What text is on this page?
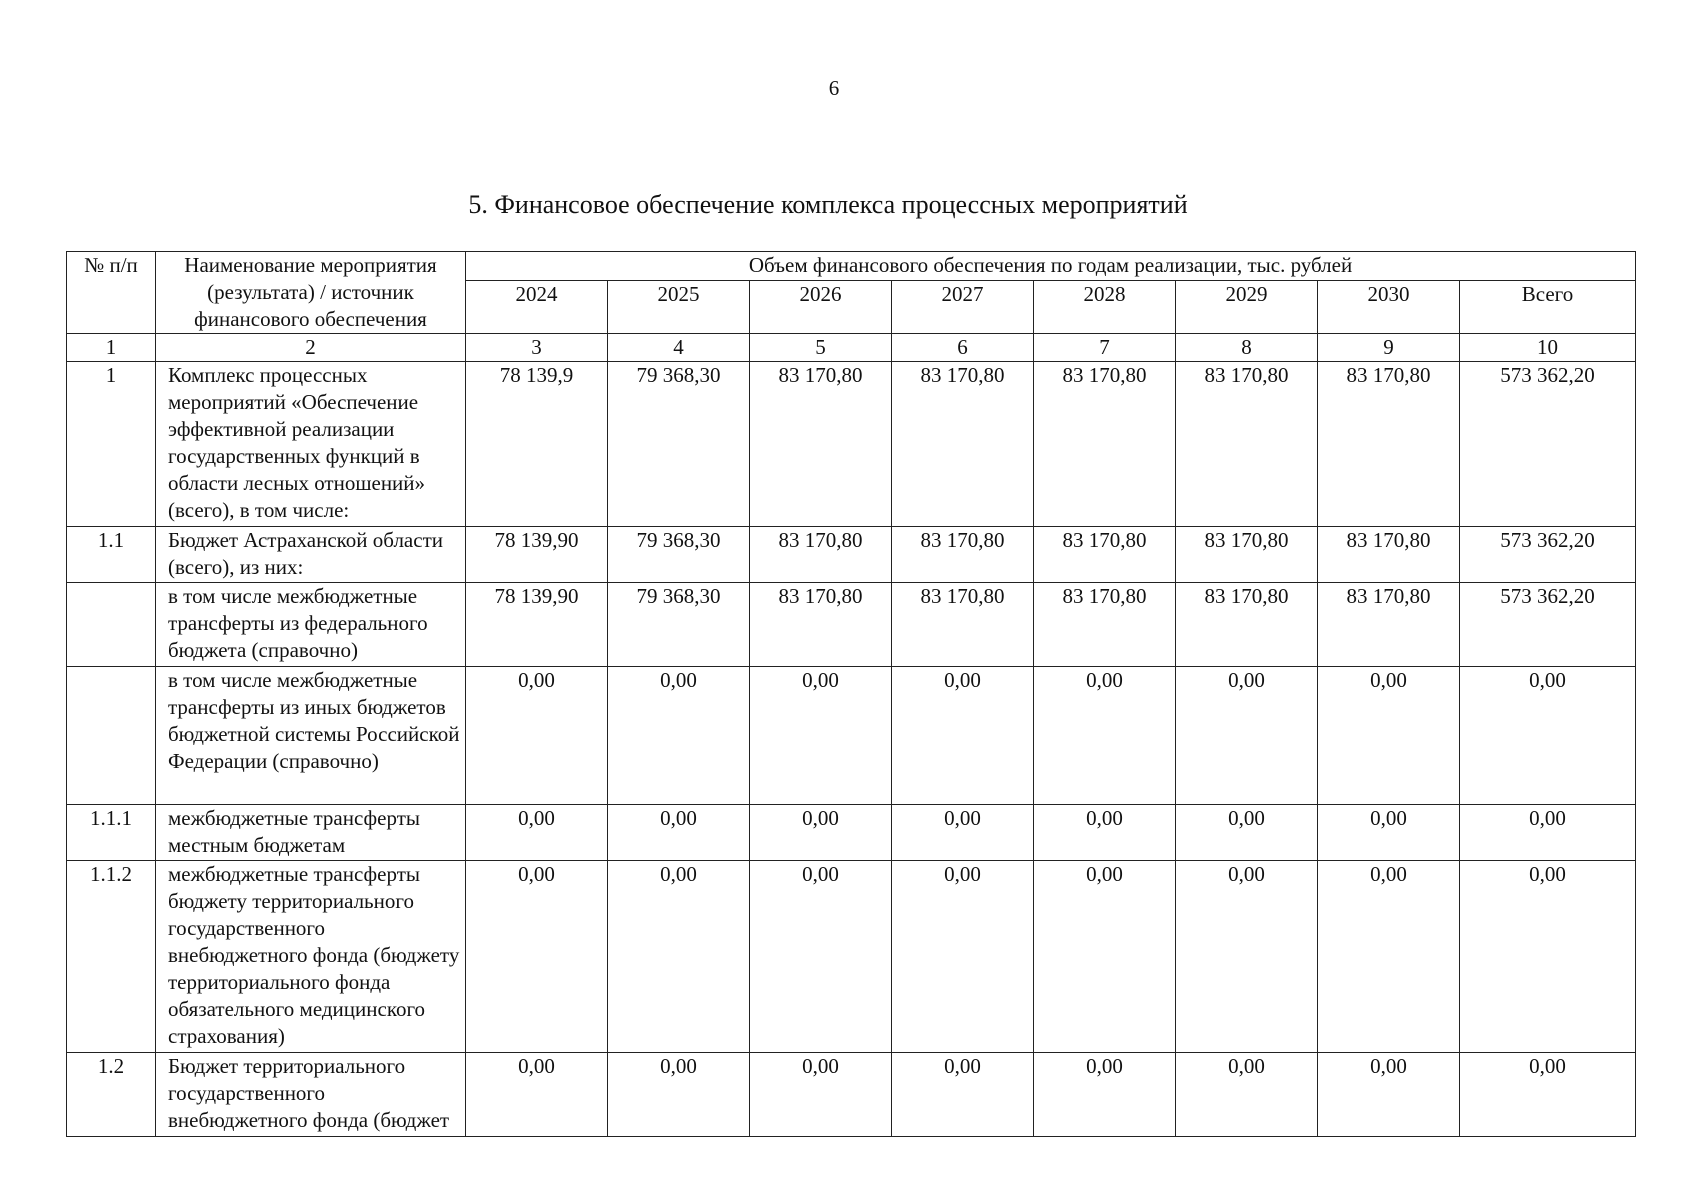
6
5. Финансовое обеспечение комплекса процессных мероприятий
№ п/п	Наименование мероприятия (результата) / источник финансового обеспечения	Объем финансового обеспечения по годам реализации, тыс. рублей							
		2024	2025	2026	2027	2028	2029	2030	Всего
1	2	3	4	5	6	7	8	9	10
1	Комплекс процессных мероприятий «Обеспечение эффективной реализации государственных функций в области лесных отношений» (всего), в том числе:	78 139,9	79 368,30	83 170,80	83 170,80	83 170,80	83 170,80	83 170,80	573 362,20
1.1	Бюджет Астраханской области (всего), из них:	78 139,90	79 368,30	83 170,80	83 170,80	83 170,80	83 170,80	83 170,80	573 362,20
	в том числе межбюджетные трансферты из федерального бюджета (справочно)	78 139,90	79 368,30	83 170,80	83 170,80	83 170,80	83 170,80	83 170,80	573 362,20
	в том числе межбюджетные трансферты из иных бюджетов бюджетной системы Российской Федерации (справочно)	0,00	0,00	0,00	0,00	0,00	0,00	0,00	0,00
1.1.1	межбюджетные трансферты местным бюджетам	0,00	0,00	0,00	0,00	0,00	0,00	0,00	0,00
1.1.2	межбюджетные трансферты бюджету территориального государственного внебюджетного фонда (бюджету территориального фонда обязательного медицинского страхования)	0,00	0,00	0,00	0,00	0,00	0,00	0,00	0,00
1.2	Бюджет территориального государственного внебюджетного фонда (бюджет	0,00	0,00	0,00	0,00	0,00	0,00	0,00	0,00
